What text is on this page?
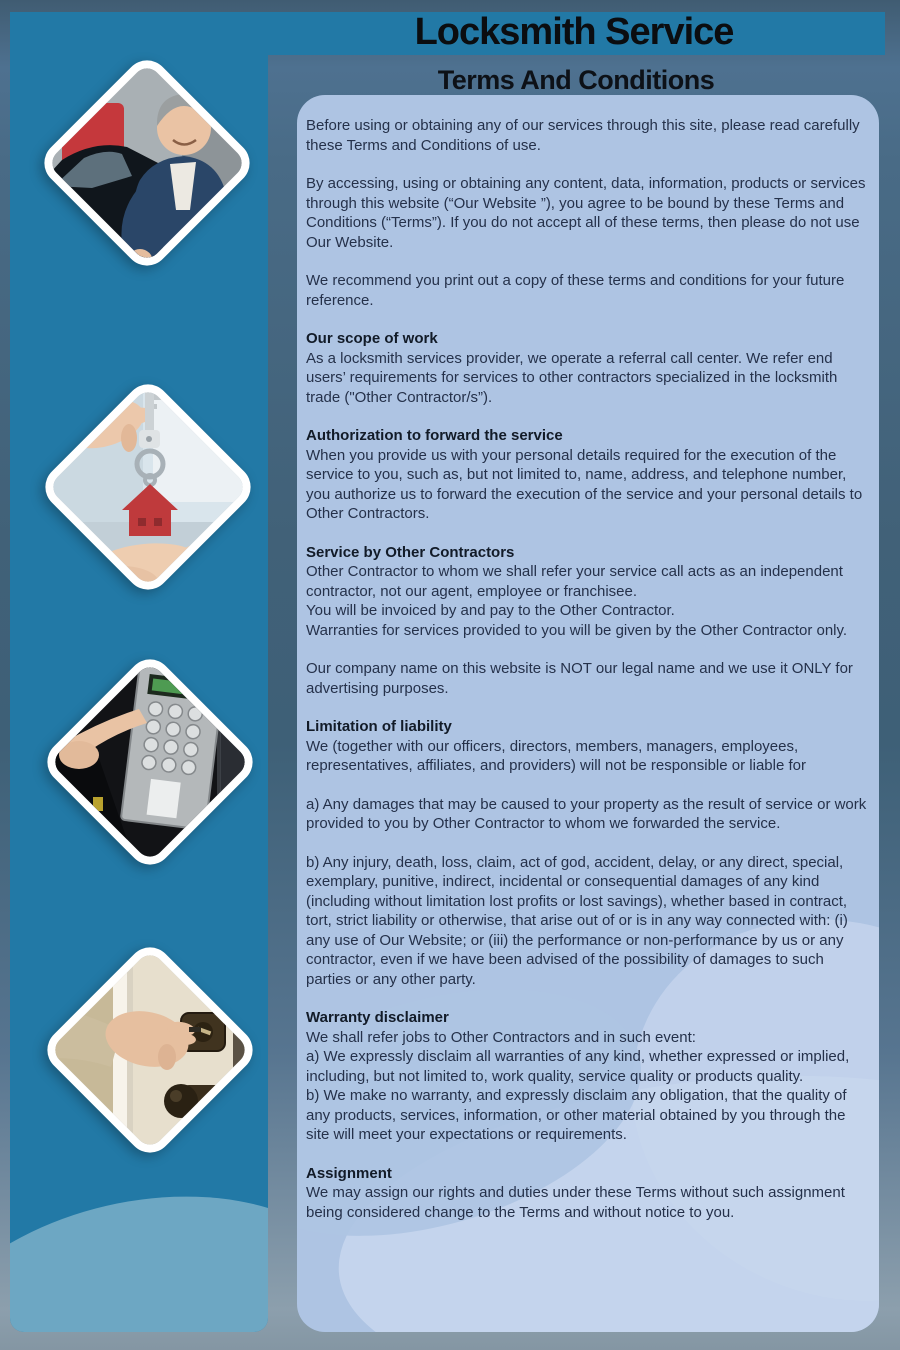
Locksmith Service
Terms And Conditions

Before using or obtaining any of our services through this site, please read carefully these Terms and Conditions of use.

By accessing, using or obtaining any content, data, information, products or services through this website (“Our Website ”), you agree to be bound by these Terms and Conditions (“Terms”). If you do not accept all of these terms, then please do not use Our Website.

We recommend you print out a copy of these terms and conditions for your future reference.

Our scope of work

As a locksmith services provider, we operate a referral call center. We refer end users’ requirements for services to other contractors specialized in the locksmith trade ("Other Contractor/s”).

Authorization to forward the service

When you provide us with your personal details required for the execution of the service to you, such as, but not limited to, name, address, and telephone number, you authorize us to forward the execution of the service and your personal details to Other Contractors.

Service by Other Contractors

Other Contractor to whom we shall refer your service call acts as an independent contractor, not our agent, employee or franchisee.

You will be invoiced by and pay to the Other Contractor.

Warranties for services provided to you will be given by the Other Contractor only.

Our company name on this website is NOT our legal name and we use it ONLY for advertising purposes.

Limitation of liability

We (together with our officers, directors, members, managers, employees, representatives, affiliates, and providers) will not be responsible or liable for

a) Any damages that may be caused to your property as the result of service or work provided to you by Other Contractor to whom we forwarded the service.

b) Any injury, death, loss, claim, act of god, accident, delay, or any direct, special, exemplary, punitive, indirect, incidental or consequential damages of any kind (including without limitation lost profits or lost savings), whether based in contract, tort, strict liability or otherwise, that arise out of or is in any way connected with: (i) any use of Our Website; or (iii) the performance or non-performance by us or any contractor, even if we have been advised of the possibility of damages to such parties or any other party.

Warranty disclaimer

We shall refer jobs to Other Contractors and in such event:

a) We expressly disclaim all warranties of any kind, whether expressed or implied, including, but not limited to, work quality, service quality or products quality.

b) We make no warranty, and expressly disclaim any obligation, that the quality of any products, services, information, or other material obtained by you through the site will meet your expectations or requirements.

Assignment

We may assign our rights and duties under these Terms without such assignment being considered change to the Terms and without notice to you.
